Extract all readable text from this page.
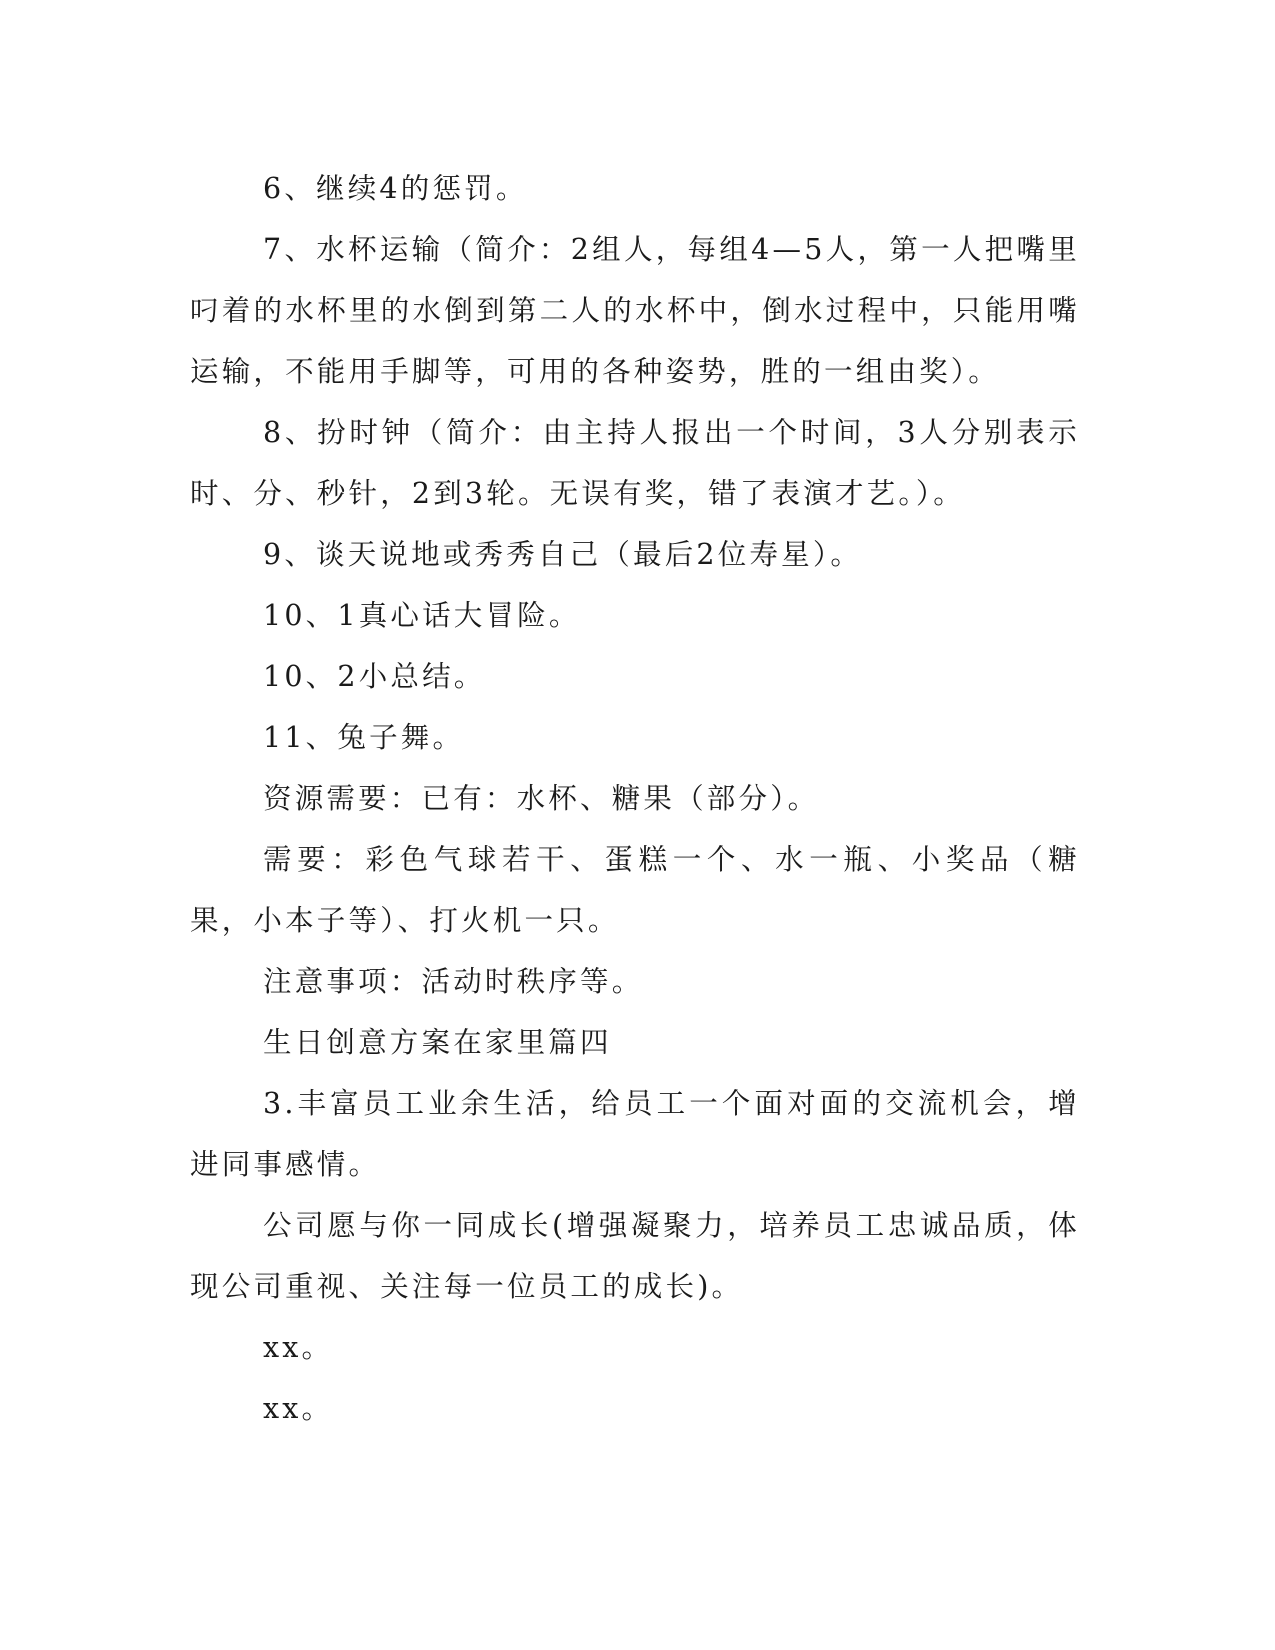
6、继续4的惩罚。

7、水杯运输（简介：2组人，每组4—5人，第一人把嘴里叼着的水杯里的水倒到第二人的水杯中，倒水过程中，只能用嘴运输，不能用手脚等，可用的各种姿势，胜的一组由奖）。

8、扮时钟（简介：由主持人报出一个时间，3人分别表示时、分、秒针，2到3轮。无误有奖，错了表演才艺。）。

9、谈天说地或秀秀自己（最后2位寿星）。

10、1真心话大冒险。

10、2小总结。

11、兔子舞。

资源需要：已有：水杯、糖果（部分）。

需要：彩色气球若干、蛋糕一个、水一瓶、小奖品（糖果，小本子等）、打火机一只。

注意事项：活动时秩序等。

生日创意方案在家里篇四

3.丰富员工业余生活，给员工一个面对面的交流机会，增进同事感情。

公司愿与你一同成长(增强凝聚力，培养员工忠诚品质，体现公司重视、关注每一位员工的成长)。

xx。

xx。
